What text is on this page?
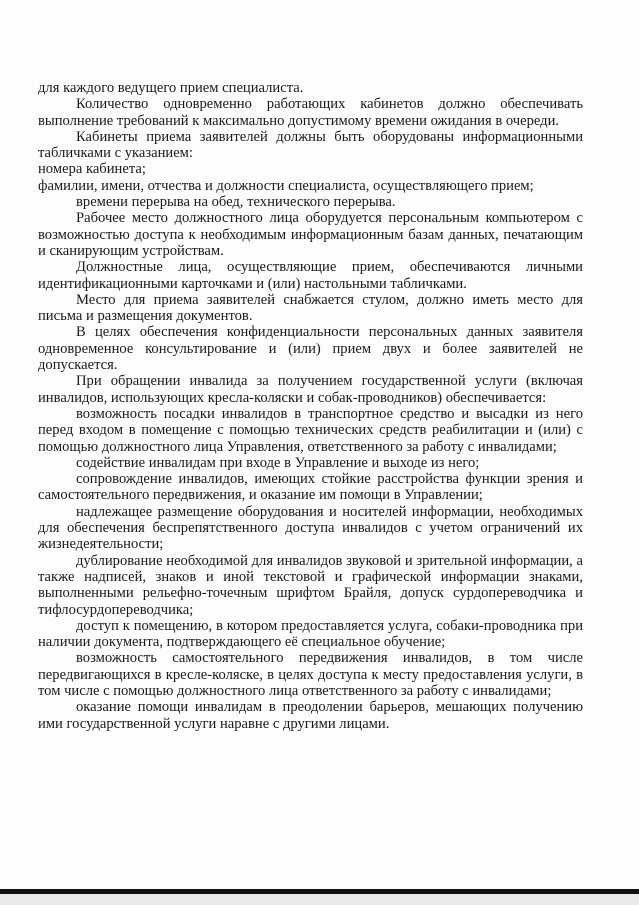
для каждого ведущего прием специалиста.

Количество одновременно работающих кабинетов должно обеспечивать выполнение требований к максимально допустимому времени ожидания в очереди.

Кабинеты приема заявителей должны быть оборудованы информационными табличками с указанием:

номера кабинета;

фамилии, имени, отчества и должности специалиста, осуществляющего прием;

времени перерыва на обед, технического перерыва.

Рабочее место должностного лица оборудуется персональным компьютером с возможностью доступа к необходимым информационным базам данных, печатающим и сканирующим устройствам.

Должностные лица, осуществляющие прием, обеспечиваются личными идентификационными карточками и (или) настольными табличками.

Место для приема заявителей снабжается стулом, должно иметь место для письма и размещения документов.

В целях обеспечения конфиденциальности персональных данных заявителя одновременное консультирование и (или) прием двух и более заявителей не допускается.

При обращении инвалида за получением государственной услуги (включая инвалидов, использующих кресла-коляски и собак-проводников) обеспечивается:

возможность посадки инвалидов в транспортное средство и высадки из него перед входом в помещение с помощью технических средств реабилитации и (или) с помощью должностного лица Управления, ответственного за работу с инвалидами;

содействие инвалидам при входе в Управление и выходе из него;

сопровождение инвалидов, имеющих стойкие расстройства функции зрения и самостоятельного передвижения, и оказание им помощи в Управлении;

надлежащее размещение оборудования и носителей информации, необходимых для обеспечения беспрепятственного доступа инвалидов с учетом ограничений их жизнедеятельности;

дублирование необходимой для инвалидов звуковой и зрительной информации, а также надписей, знаков и иной текстовой и графической информации знаками, выполненными рельефно-точечным шрифтом Брайля, допуск сурдопереводчика и тифлосурдопереводчика;

доступ к помещению, в котором предоставляется услуга, собаки-проводника при наличии документа, подтверждающего её специальное обучение;

возможность самостоятельного передвижения инвалидов, в том числе передвигающихся в кресле-коляске, в целях доступа к месту предоставления услуги, в том числе с помощью должностного лица ответственного за работу с инвалидами;

оказание помощи инвалидам в преодолении барьеров, мешающих получению ими государственной услуги наравне с другими лицами.
